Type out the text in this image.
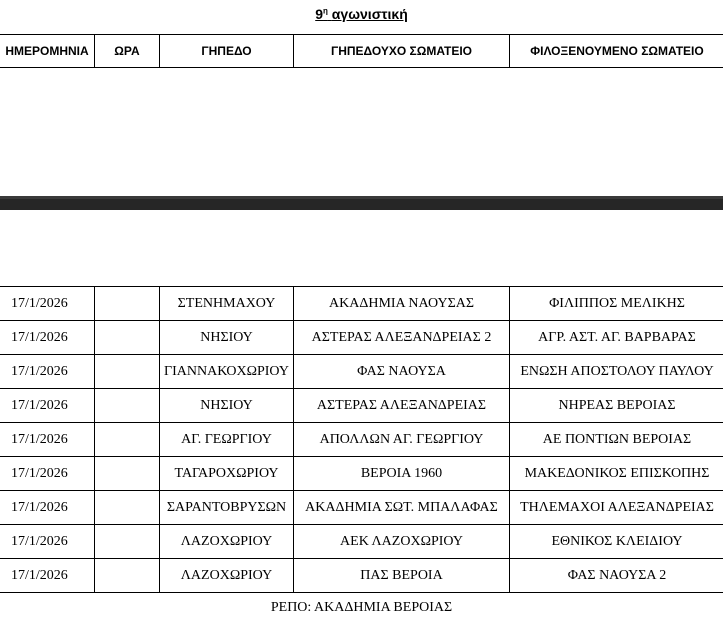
$9^\eta$ αγωνιστική
ΗΜΕΡΟΜΗΝΙΑ	ΩΡΑ	ΓΗΠΕΔΟ	ΓΗΠΕΔΟΥΧΟ ΣΩΜΑΤΕΙΟ	ΦΙΛΟΞΕΝΟΥΜΕΝΟ ΣΩΜΑΤΕΙΟ
17/1/2026		ΣΤΕΝΗΜΑΧΟΥ	ΑΚΑΔΗΜΙΑ ΝΑΟΥΣΑΣ	ΦΙΛΙΠΠΟΣ ΜΕΛΙΚΗΣ
17/1/2026		ΝΗΣΙΟΥ	ΑΣΤΕΡΑΣ ΑΛΕΞΑΝΔΡΕΙΑΣ 2	ΑΓΡ. ΑΣΤ. ΑΓ. ΒΑΡΒΑΡΑΣ
17/1/2026		ΓΙΑΝΝΑΚΟΧΩΡΙΟΥ	ΦΑΣ ΝΑΟΥΣΑ	ΕΝΩΣΗ ΑΠΟΣΤΟΛΟΥ ΠΑΥΛΟΥ
17/1/2026		ΝΗΣΙΟΥ	ΑΣΤΕΡΑΣ ΑΛΕΞΑΝΔΡΕΙΑΣ	ΝΗΡΕΑΣ ΒΕΡΟΙΑΣ
17/1/2026		ΑΓ. ΓΕΩΡΓΙΟΥ	ΑΠΟΛΛΩΝ ΑΓ. ΓΕΩΡΓΙΟΥ	ΑΕ ΠΟΝΤΙΩΝ ΒΕΡΟΙΑΣ
17/1/2026		ΤΑΓΑΡΟΧΩΡΙΟΥ	ΒΕΡΟΙΑ 1960	ΜΑΚΕΔΟΝΙΚΟΣ ΕΠΙΣΚΟΠΗΣ
17/1/2026		ΣΑΡΑΝΤΟΒΡΥΣΩΝ	ΑΚΑΔΗΜΙΑ ΣΩΤ. ΜΠΑΛΑΦΑΣ	ΤΗΛΕΜΑΧΟΙ ΑΛΕΞΑΝΔΡΕΙΑΣ
17/1/2026		ΛΑΖΟΧΩΡΙΟΥ	ΑΕΚ ΛΑΖΟΧΩΡΙΟΥ	ΕΘΝΙΚΟΣ ΚΛΕΙΔΙΟΥ
17/1/2026		ΛΑΖΟΧΩΡΙΟΥ	ΠΑΣ ΒΕΡΟΙΑ	ΦΑΣ ΝΑΟΥΣΑ 2
ΡΕΠΟ: ΑΚΑΔΗΜΙΑ ΒΕΡΟΙΑΣ
